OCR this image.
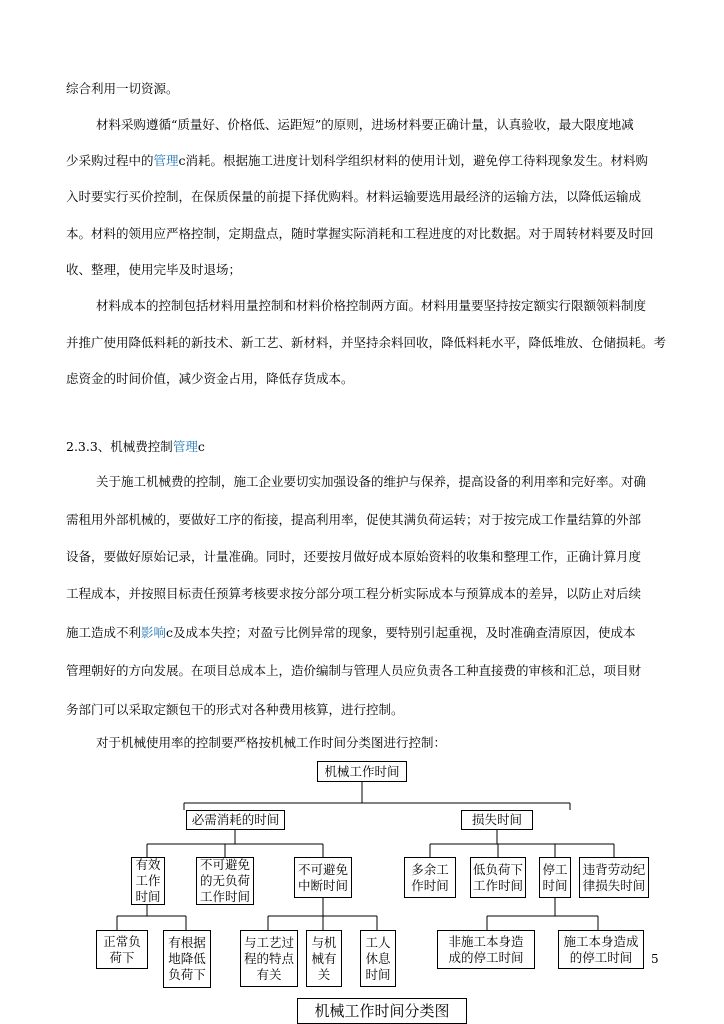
综合利用一切资源。
材料采购遵循“质量好、价格低、运距短”的原则，进场材料要正确计量，认真验收，最大限度地减
少采购过程中的管理c消耗。根据施工进度计划科学组织材料的使用计划，避免停工待料现象发生。材料购
入时要实行买价控制，在保质保量的前提下择优购料。材料运输要选用最经济的运输方法，以降低运输成
本。材料的领用应严格控制，定期盘点，随时掌握实际消耗和工程进度的对比数据。对于周转材料要及时回
收、整理，使用完毕及时退场；
材料成本的控制包括材料用量控制和材料价格控制两方面。材料用量要坚持按定额实行限额领料制度
并推广使用降低料耗的新技术、新工艺、新材料，并坚持余料回收，降低料耗水平，降低堆放、仓储损耗。考
虑资金的时间价值，减少资金占用，降低存货成本。
2.3.3、机械费控制管理c
关于施工机械费的控制，施工企业要切实加强设备的维护与保养，提高设备的利用率和完好率。对确
需租用外部机械的，要做好工序的衔接，提高利用率，促使其满负荷运转；对于按完成工作量结算的外部
设备，要做好原始记录，计量准确。同时，还要按月做好成本原始资料的收集和整理工作，正确计算月度
工程成本，并按照目标责任预算考核要求按分部分项工程分析实际成本与预算成本的差异，以防止对后续
施工造成不利影响c及成本失控；对盈亏比例异常的现象，要特别引起重视，及时准确查清原因，使成本
管理朝好的方向发展。在项目总成本上，造价编制与管理人员应负责各工种直接费的审核和汇总，项目财
务部门可以采取定额包干的形式对各种费用核算，进行控制。
对于机械使用率的控制要严格按机械工作时间分类图进行控制：
机械工作时间
必需消耗的时间	损失时间
有效
工作
时间
不可避免
的无负荷
工作时间
不可避免
中断时间
多余工
作时间
低负荷下
工作时间
停工
时间
违背劳动纪
律损失时间
正常负
荷下
有根据
地降低
负荷下
与工艺过
程的特点
有关
与机
械有
关
工人
休息
时间
非施工本身造
成的停工时间
施工本身造成
的停工时间
机械工作时间分类图
5
